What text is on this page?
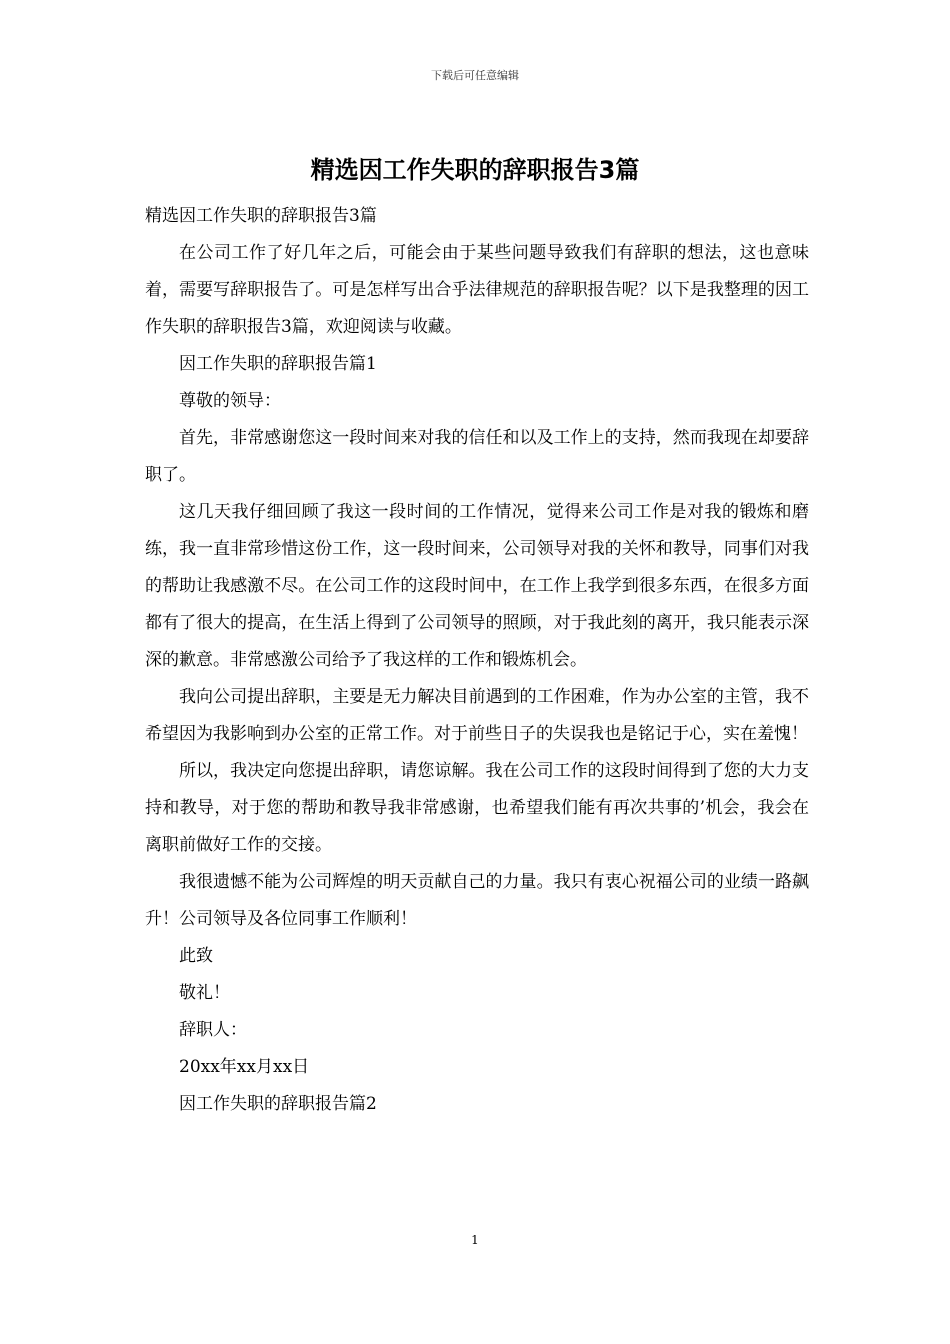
下载后可任意编辑
精选因工作失职的辞职报告3篇

精选因工作失职的辞职报告3篇

在公司工作了好几年之后，可能会由于某些问题导致我们有辞职的想法，这也意味着，需要写辞职报告了。可是怎样写出合乎法律规范的辞职报告呢？以下是我整理的因工作失职的辞职报告3篇，欢迎阅读与收藏。

因工作失职的辞职报告篇1

尊敬的领导：

首先，非常感谢您这一段时间来对我的信任和以及工作上的支持，然而我现在却要辞职了。

这几天我仔细回顾了我这一段时间的工作情况，觉得来公司工作是对我的锻炼和磨练，我一直非常珍惜这份工作，这一段时间来，公司领导对我的关怀和教导，同事们对我的帮助让我感激不尽。在公司工作的这段时间中，在工作上我学到很多东西，在很多方面都有了很大的提高，在生活上得到了公司领导的照顾，对于我此刻的离开，我只能表示深深的歉意。非常感激公司给予了我这样的工作和锻炼机会。

我向公司提出辞职，主要是无力解决目前遇到的工作困难，作为办公室的主管，我不希望因为我影响到办公室的正常工作。对于前些日子的失误我也是铭记于心，实在羞愧！

所以，我决定向您提出辞职，请您谅解。我在公司工作的这段时间得到了您的大力支持和教导，对于您的帮助和教导我非常感谢，也希望我们能有再次共事的’机会，我会在离职前做好工作的交接。

我很遗憾不能为公司辉煌的明天贡献自己的力量。我只有衷心祝福公司的业绩一路飙升！公司领导及各位同事工作顺利！

此致

敬礼！

辞职人：

20xx年xx月xx日

因工作失职的辞职报告篇2

1
